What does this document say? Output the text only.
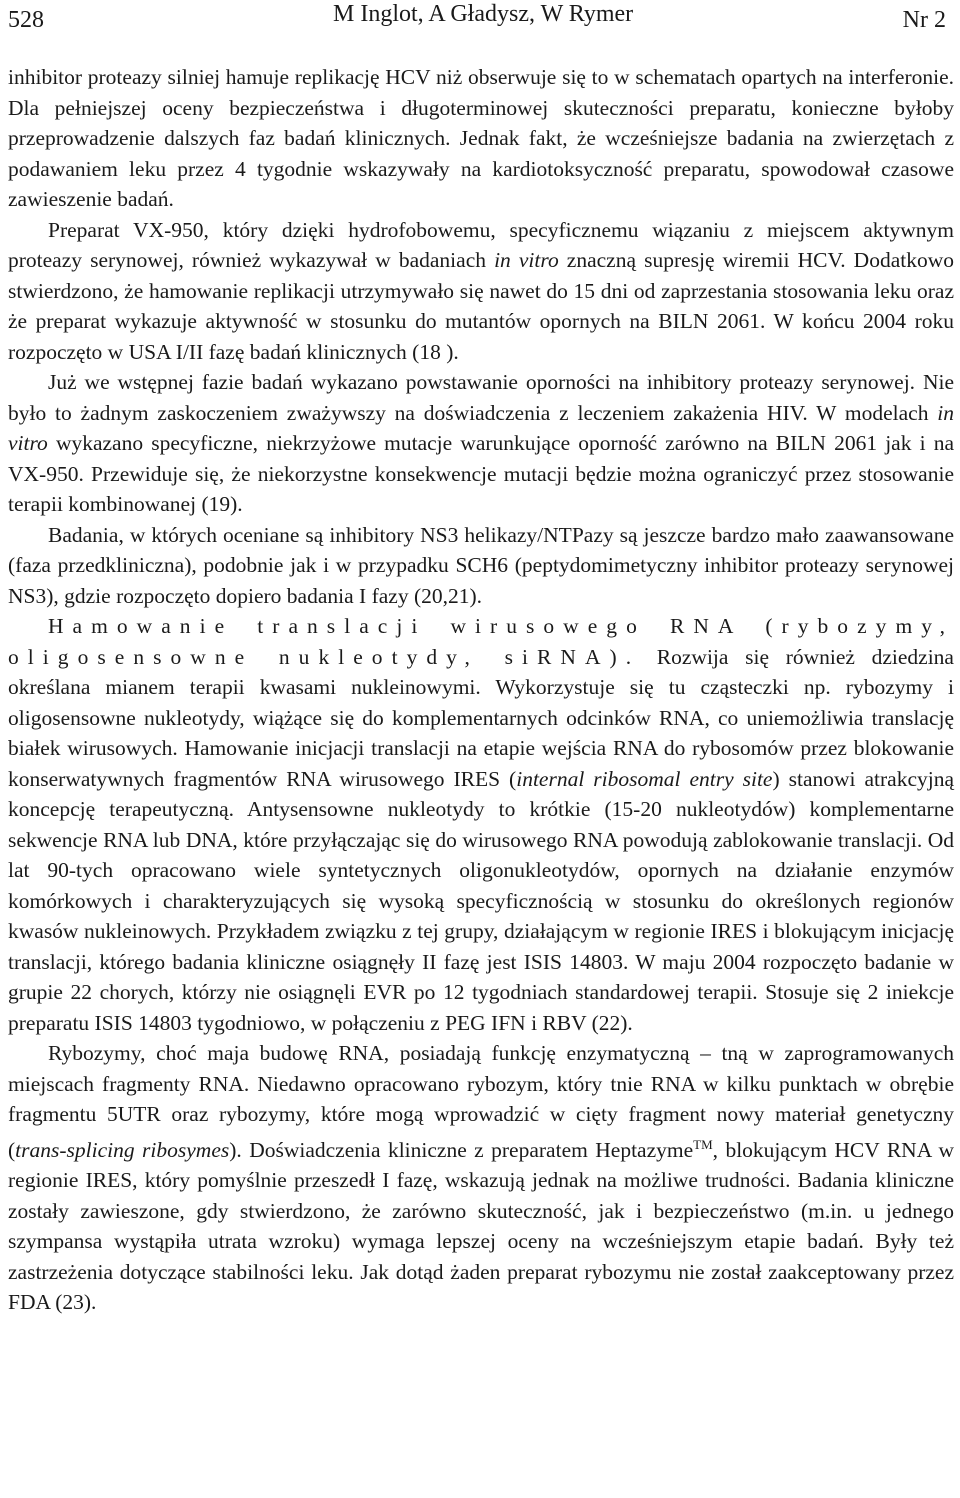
528	M Inglot, A Gładysz, W Rymer	Nr 2

inhibitor proteazy silniej hamuje replikację HCV niż obserwuje się to w schematach opartych na interferonie. Dla pełniejszej oceny bezpieczeństwa i długoterminowej skuteczności preparatu, konieczne byłoby przeprowadzenie dalszych faz badań klinicznych. Jednak fakt, że wcześniejsze badania na zwierzętach z podawaniem leku przez 4 tygodnie wskazywały na kardiotoksyczność preparatu, spowodował czasowe zawieszenie badań.

Preparat VX-950, który dzięki hydrofobowemu, specyficznemu wiązaniu z miejscem aktywnym proteazy serynowej, również wykazywał w badaniach in vitro znaczną supresję wiremii HCV. Dodatkowo stwierdzono, że hamowanie replikacji utrzymywało się nawet do 15 dni od zaprzestania stosowania leku oraz że preparat wykazuje aktywność w stosunku do mutantów opornych na BILN 2061. W końcu 2004 roku rozpoczęto w USA I/II fazę badań klinicznych (18 ).

Już we wstępnej fazie badań wykazano powstawanie oporności na inhibitory proteazy serynowej. Nie było to żadnym zaskoczeniem zważywszy na doświadczenia z leczeniem zakażenia HIV. W modelach in vitro wykazano specyficzne, niekrzyżowe mutacje warunkujące oporność zarówno na BILN 2061 jak i na VX-950. Przewiduje się, że niekorzystne konsekwencje mutacji będzie można ograniczyć przez stosowanie terapii kombinowanej (19).

Badania, w których oceniane są inhibitory NS3 helikazy/NTPazy są jeszcze bardzo mało zaawansowane (faza przedkliniczna), podobnie jak i w przypadku SCH6 (peptydomimetyczny inhibitor proteazy serynowej NS3), gdzie rozpoczęto dopiero badania I fazy (20,21).

Hamowanie translacji wirusowego RNA (rybozymy, oligosensowne nukleotydy, siRNA). Rozwija się również dziedzina określana mianem terapii kwasami nukleinowymi. Wykorzystuje się tu cząsteczki np. rybozymy i oligosensowne nukleotydy, wiążące się do komplementarnych odcinków RNA, co uniemożliwia translację białek wirusowych. Hamowanie inicjacji translacji na etapie wejścia RNA do rybosomów przez blokowanie konserwatywnych fragmentów RNA wirusowego IRES (internal ribosomal entry site) stanowi atrakcyjną koncepcję terapeutyczną. Antysensowne nukleotydy to krótkie (15-20 nukleotydów) komplementarne sekwencje RNA lub DNA, które przyłączając się do wirusowego RNA powodują zablokowanie translacji. Od lat 90-tych opracowano wiele syntetycznych oligonukleotydów, opornych na działanie enzymów komórkowych i charakteryzujących się wysoką specyficznością w stosunku do określonych regionów kwasów nukleinowych. Przykładem związku z tej grupy, działającym w regionie IRES i blokującym inicjację translacji, którego badania kliniczne osiągnęły II fazę jest ISIS 14803. W maju 2004 rozpoczęto badanie w grupie 22 chorych, którzy nie osiągnęli EVR po 12 tygodniach standardowej terapii. Stosuje się 2 iniekcje preparatu ISIS 14803 tygodniowo, w połączeniu z PEG IFN i RBV (22).

Rybozymy, choć maja budowę RNA, posiadają funkcję enzymatyczną – tną w zaprogramowanych miejscach fragmenty RNA. Niedawno opracowano rybozym, który tnie RNA w kilku punktach w obrębie fragmentu 5UTR oraz rybozymy, które mogą wprowadzić w cięty fragment nowy materiał genetyczny (trans-splicing ribosymes). Doświadczenia kliniczne z preparatem Heptazyme™, blokującym HCV RNA w regionie IRES, który pomyślnie przeszedł I fazę, wskazują jednak na możliwe trudności. Badania kliniczne zostały zawieszone, gdy stwierdzono, że zarówno skuteczność, jak i bezpieczeństwo (m.in. u jednego szympansa wystąpiła utrata wzroku) wymaga lepszej oceny na wcześniejszym etapie badań. Były też zastrzeżenia dotyczące stabilności leku. Jak dotąd żaden preparat rybozymu nie został zaakceptowany przez FDA (23).
